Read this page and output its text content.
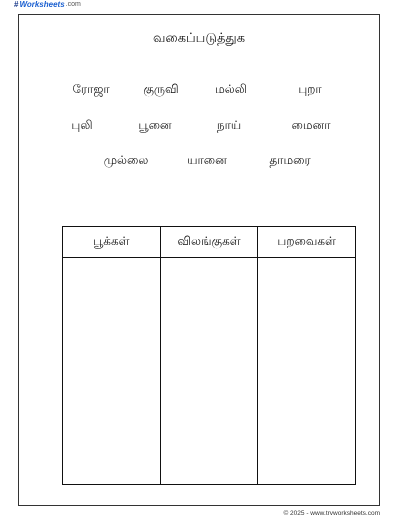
# Worksheets .com
வகைப்படுத்துக
ரோஜா	குருவி	மல்லி	புறா
புலி	பூனை	நாய்	மைனா
முல்லை	யானை	தாமரை
பூக்கள்	விலங்குகள்	பறவைகள்

© 2025 - www.trvworksheets.com
